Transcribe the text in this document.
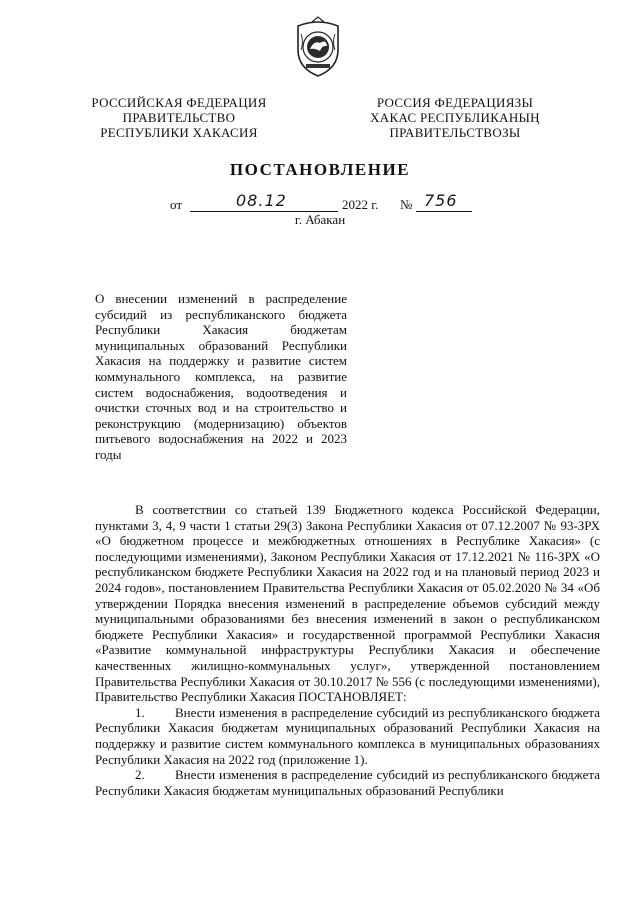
РОССИЙСКАЯ ФЕДЕРАЦИЯ
ПРАВИТЕЛЬСТВО
РЕСПУБЛИКИ ХАКАСИЯ
РОССИЯ ФЕДЕРАЦИЯЗЫ
ХАКАС РЕСПУБЛИКАНЫҢ
ПРАВИТЕЛЬСТВОЗЫ
ПОСТАНОВЛЕНИЕ
от	08.12	2022 г. № 756
г. Абакан
О внесении изменений в распределение субсидий из республиканского бюджета Республики Хакасия бюджетам муниципальных образований Республики Хакасия на поддержку и развитие систем коммунального комплекса, на развитие систем водоснабжения, водоотведения и очистки сточных вод и на строительство и реконструкцию (модернизацию) объектов питьевого водоснабжения на 2022 и 2023 годы

В соответствии со статьей 139 Бюджетного кодекса Российской Федерации, пунктами 3, 4, 9 части 1 статьи 29(3) Закона Республики Хакасия от 07.12.2007 № 93-ЗРХ «О бюджетном процессе и межбюджетных отношениях в Республике Хакасия» (с последующими изменениями), Законом Республики Хакасия от 17.12.2021 № 116-ЗРХ «О республиканском бюджете Республики Хакасия на 2022 год и на плановый период 2023 и 2024 годов», постановлением Правительства Республики Хакасия от 05.02.2020 № 34 «Об утверждении Порядка внесения изменений в распределение объемов субсидий между муниципальными образованиями без внесения изменений в закон о республиканском бюджете Республики Хакасия» и государственной программой Республики Хакасия «Развитие коммунальной инфраструктуры Республики Хакасия и обеспечение качественных жилищно-коммунальных услуг», утвержденной постановлением Правительства Республики Хакасия от 30.10.2017 № 556 (с последующими изменениями), Правительство Республики Хакасия ПОСТАНОВЛЯЕТ:

1. Внести изменения в распределение субсидий из республиканского бюджета Республики Хакасия бюджетам муниципальных образований Республики Хакасия на поддержку и развитие систем коммунального комплекса в муниципальных образованиях Республики Хакасия на 2022 год (приложение 1).

2. Внести изменения в распределение субсидий из республиканского бюджета Республики Хакасия бюджетам муниципальных образований Республики
